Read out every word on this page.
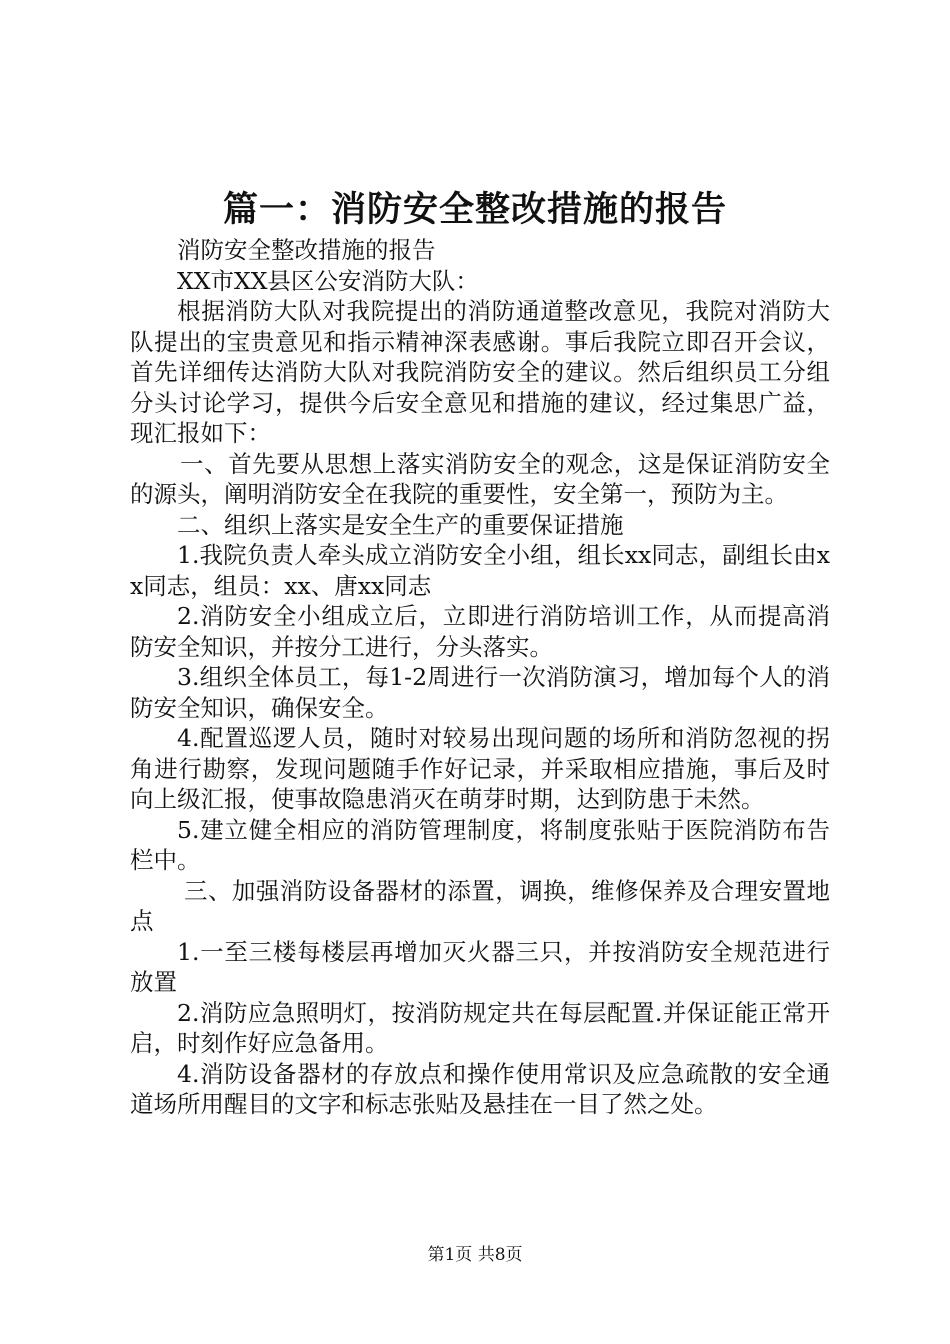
篇一：消防安全整改措施的报告

消防安全整改措施的报告

XX市XX县区公安消防大队：

根据消防大队对我院提出的消防通道整改意见，我院对消防大队提出的宝贵意见和指示精神深表感谢。事后我院立即召开会议，首先详细传达消防大队对我院消防安全的建议。然后组织员工分组分头讨论学习，提供今后安全意见和措施的建议，经过集思广益，现汇报如下：

一、首先要从思想上落实消防安全的观念，这是保证消防安全的源头，阐明消防安全在我院的重要性，安全第一，预防为主。

二、组织上落实是安全生产的重要保证措施

1.我院负责人牵头成立消防安全小组，组长xx同志，副组长由xx同志，组员：xx、唐xx同志

2.消防安全小组成立后，立即进行消防培训工作，从而提高消防安全知识，并按分工进行，分头落实。

3.组织全体员工，每1-2周进行一次消防演习，增加每个人的消防安全知识，确保安全。

4.配置巡逻人员，随时对较易出现问题的场所和消防忽视的拐角进行勘察，发现问题随手作好记录，并采取相应措施，事后及时向上级汇报，使事故隐患消灭在萌芽时期，达到防患于未然。

5.建立健全相应的消防管理制度，将制度张贴于医院消防布告栏中。

三、加强消防设备器材的添置，调换，维修保养及合理安置地点

1.一至三楼每楼层再增加灭火器三只，并按消防安全规范进行放置

2.消防应急照明灯，按消防规定共在每层配置.并保证能正常开启，时刻作好应急备用。

4.消防设备器材的存放点和操作使用常识及应急疏散的安全通道场所用醒目的文字和标志张贴及悬挂在一目了然之处。

第1页 共8页
